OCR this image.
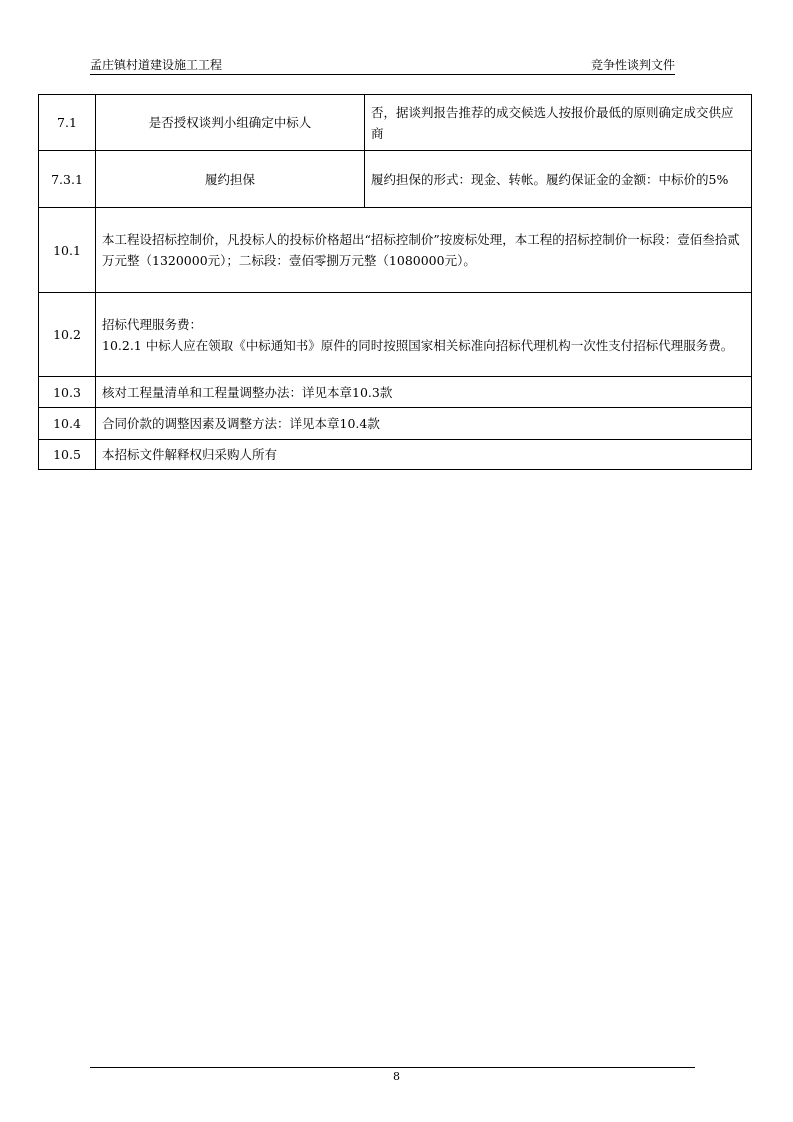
孟庄镇村道建设施工工程	竞争性谈判文件
7.1	是否授权谈判小组确定中标人	否，据谈判报告推荐的成交候选人按报价最低的原则确定成交供应商
7.3.1	履约担保	履约担保的形式：现金、转帐。履约保证金的金额：中标价的5%
10.1	本工程设招标控制价，凡投标人的投标价格超出“招标控制价”按废标处理，本工程的招标控制价一标段：壹佰叁拾贰万元整（1320000元）；二标段：壹佰零捌万元整（1080000元）。	
10.2	招标代理服务费：

10.2.1 中标人应在领取《中标通知书》原件的同时按照国家相关标准向招标代理机构一次性支付招标代理服务费。	

10.3	核对工程量清单和工程量调整办法：详见本章10.3款	
10.4	合同价款的调整因素及调整方法：详见本章10.4款	
10.5	本招标文件解释权归采购人所有	
8
